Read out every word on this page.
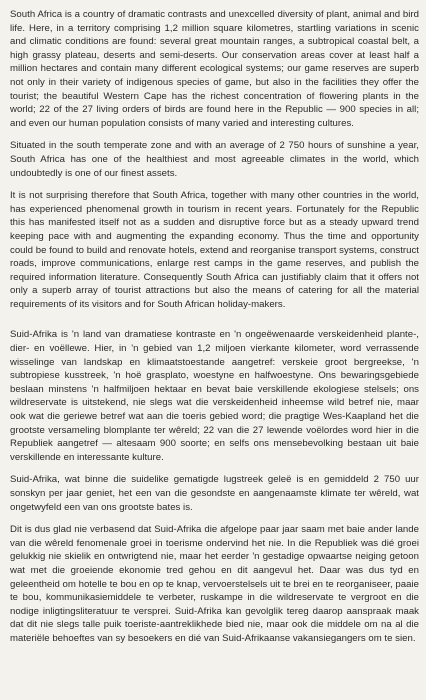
South Africa is a country of dramatic contrasts and unexcelled diversity of plant, animal and bird life. Here, in a territory comprising 1,2 million square kilometres, startling variations in scenic and climatic conditions are found: several great mountain ranges, a subtropical coastal belt, a high grassy plateau, deserts and semi-deserts. Our conservation areas cover at least half a million hectares and contain many different ecological systems; our game reserves are superb not only in their variety of indigenous species of game, but also in the facilities they offer the tourist; the beautiful Western Cape has the richest concentration of flowering plants in the world; 22 of the 27 living orders of birds are found here in the Republic — 900 species in all; and even our human population consists of many varied and interesting cultures.

Situated in the south temperate zone and with an average of 2 750 hours of sunshine a year, South Africa has one of the healthiest and most agreeable climates in the world, which undoubtedly is one of our finest assets.

It is not surprising therefore that South Africa, together with many other countries in the world, has experienced phenomenal growth in tourism in recent years. Fortunately for the Republic this has manifested itself not as a sudden and disruptive force but as a steady upward trend keeping pace with and augmenting the expanding economy. Thus the time and opportunity could be found to build and renovate hotels, extend and reorganise transport systems, construct roads, improve communications, enlarge rest camps in the game reserves, and publish the required information literature. Consequently South Africa can justifiably claim that it offers not only a superb array of tourist attractions but also the means of catering for all the material requirements of its visitors and for South African holiday-makers.

Suid-Afrika is 'n land van dramatiese kontraste en 'n ongeëwenaarde verskeidenheid plante-, dier- en voëllewe. Hier, in 'n gebied van 1,2 miljoen vierkante kilometer, word verrassende wisselinge van landskap en klimaatstoestande aangetref: verskeie groot bergreekse, 'n subtropiese kusstreek, 'n hoë grasplato, woestyne en halfwoestyne. Ons bewaringsgebiede beslaan minstens 'n halfmiljoen hektaar en bevat baie verskillende ekologiese stelsels; ons wildreservate is uitstekend, nie slegs wat die verskeidenheid inheemse wild betref nie, maar ook wat die geriewe betref wat aan die toeris gebied word; die pragtige Wes-Kaapland het die grootste versameling blomplante ter wêreld; 22 van die 27 lewende voëlordes word hier in die Republiek aangetref — altesaam 900 soorte; en selfs ons mensebevolking bestaan uit baie verskillende en interessante kulture.

Suid-Afrika, wat binne die suidelike gematigde lugstreek geleë is en gemiddeld 2 750 uur sonskyn per jaar geniet, het een van die gesondste en aangenaamste klimate ter wêreld, wat ongetwyfeld een van ons grootste bates is.

Dit is dus glad nie verbasend dat Suid-Afrika die afgelope paar jaar saam met baie ander lande van die wêreld fenomenale groei in toerisme ondervind het nie. In die Republiek was dié groei gelukkig nie skielik en ontwrigtend nie, maar het eerder 'n gestadige opwaartse neiging getoon wat met die groeiende ekonomie tred gehou en dit aangevul het. Daar was dus tyd en geleentheid om hotelle te bou en op te knap, vervoerstelsels uit te brei en te reorganiseer, paaie te bou, kommunikasiemiddele te verbeter, ruskampe in die wildreservate te vergroot en die nodige inligtingsliteratuur te versprei. Suid-Afrika kan gevolglik tereg daarop aanspraak maak dat dit nie slegs talle puik toeriste-aantreklikhede bied nie, maar ook die middele om na al die materiële behoeftes van sy besoekers en dié van Suid-Afrikaanse vakansiegangers om te sien.
